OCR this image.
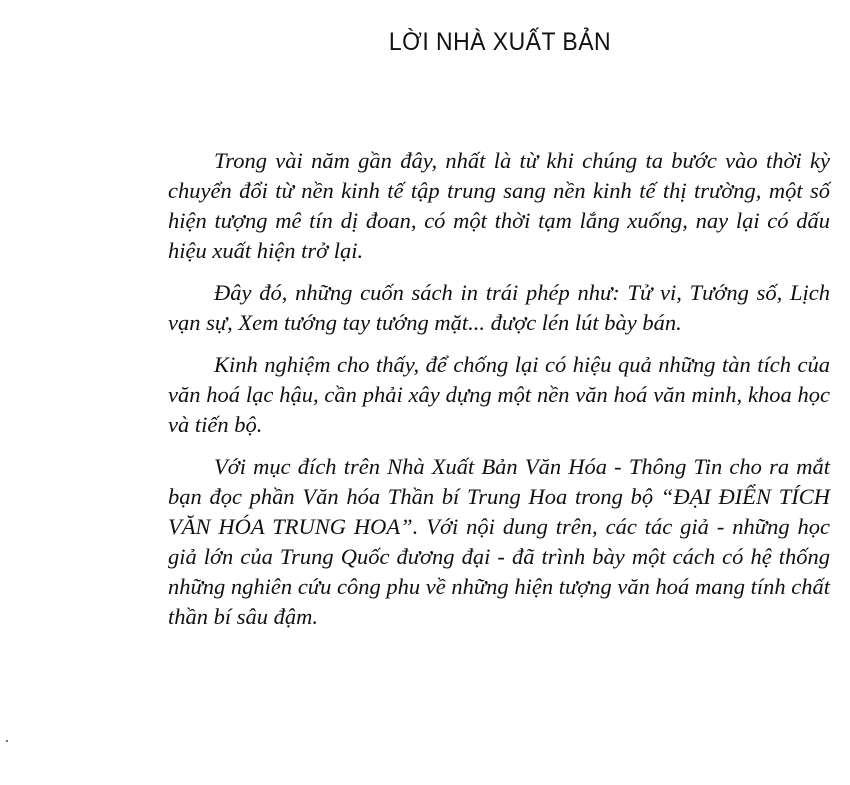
LỜI NHÀ XUẤT BẢN

Trong vài năm gần đây, nhất là từ khi chúng ta bước vào thời kỳ chuyển đổi từ nền kinh tế tập trung sang nền kinh tế thị trường, một số hiện tượng mê tín dị đoan, có một thời tạm lắng xuống, nay lại có dấu hiệu xuất hiện trở lại.

Đây đó, những cuốn sách in trái phép như: Tử vi, Tướng số, Lịch vạn sự, Xem tướng tay tướng mặt... được lén lút bày bán.

Kinh nghiệm cho thấy, để chống lại có hiệu quả những tàn tích của văn hoá lạc hậu, cần phải xây dựng một nền văn hoá văn minh, khoa học và tiến bộ.

Với mục đích trên Nhà Xuất Bản Văn Hóa - Thông Tin cho ra mắt bạn đọc phần Văn hóa Thần bí Trung Hoa trong bộ “ĐẠI ĐIỂN TÍCH VĂN HÓA TRUNG HOA”. Với nội dung trên, các tác giả - những học giả lớn của Trung Quốc đương đại - đã trình bày một cách có hệ thống những nghiên cứu công phu về những hiện tượng văn hoá mang tính chất thần bí sâu đậm.
